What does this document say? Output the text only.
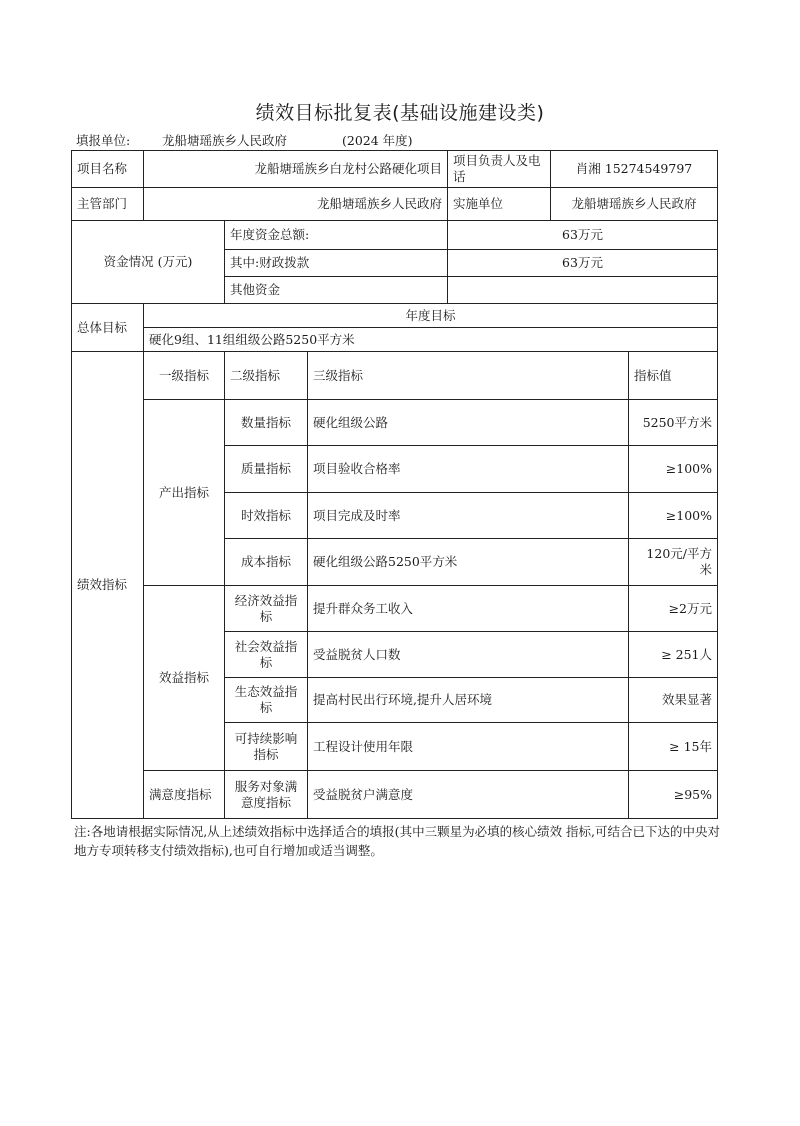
绩效目标批复表(基础设施建设类)
填报单位:	龙船塘瑶族乡人民政府	(2024 年度)
项目名称	龙船塘瑶族乡白龙村公路硬化项目			项目负责人及电话	肖湘 15274549797	
主管部门	龙船塘瑶族乡人民政府			实施单位	龙船塘瑶族乡人民政府	
资金情况 (万元)		年度资金总额:		63万元		
		其中:财政拨款		63万元		
		其他资金				
总体目标	年度目标					
	硬化9组、11组组级公路5250平方米					
绩效指标	一级指标	二级指标	三级指标			指标值
	产出指标	数量指标	硬化组级公路			5250平方米
		质量指标	项目验收合格率			≥100%
		时效指标	项目完成及时率			≥100%
		成本指标	硬化组级公路5250平方米			120元/平方米
	效益指标	经济效益指标	提升群众务工收入			≥2万元
		社会效益指标	受益脱贫人口数			≥ 251人
		生态效益指标	提高村民出行环境,提升人居环境			效果显著
		可持续影响指标	工程设计使用年限			≥ 15年
	满意度指标	服务对象满意度指标	受益脱贫户满意度			≥95%
注:各地请根据实际情况,从上述绩效指标中选择适合的填报(其中三颗星为必填的核心绩效 指标,可结合已下达的中央对地方专项转移支付绩效指标),也可自行增加或适当调整。
